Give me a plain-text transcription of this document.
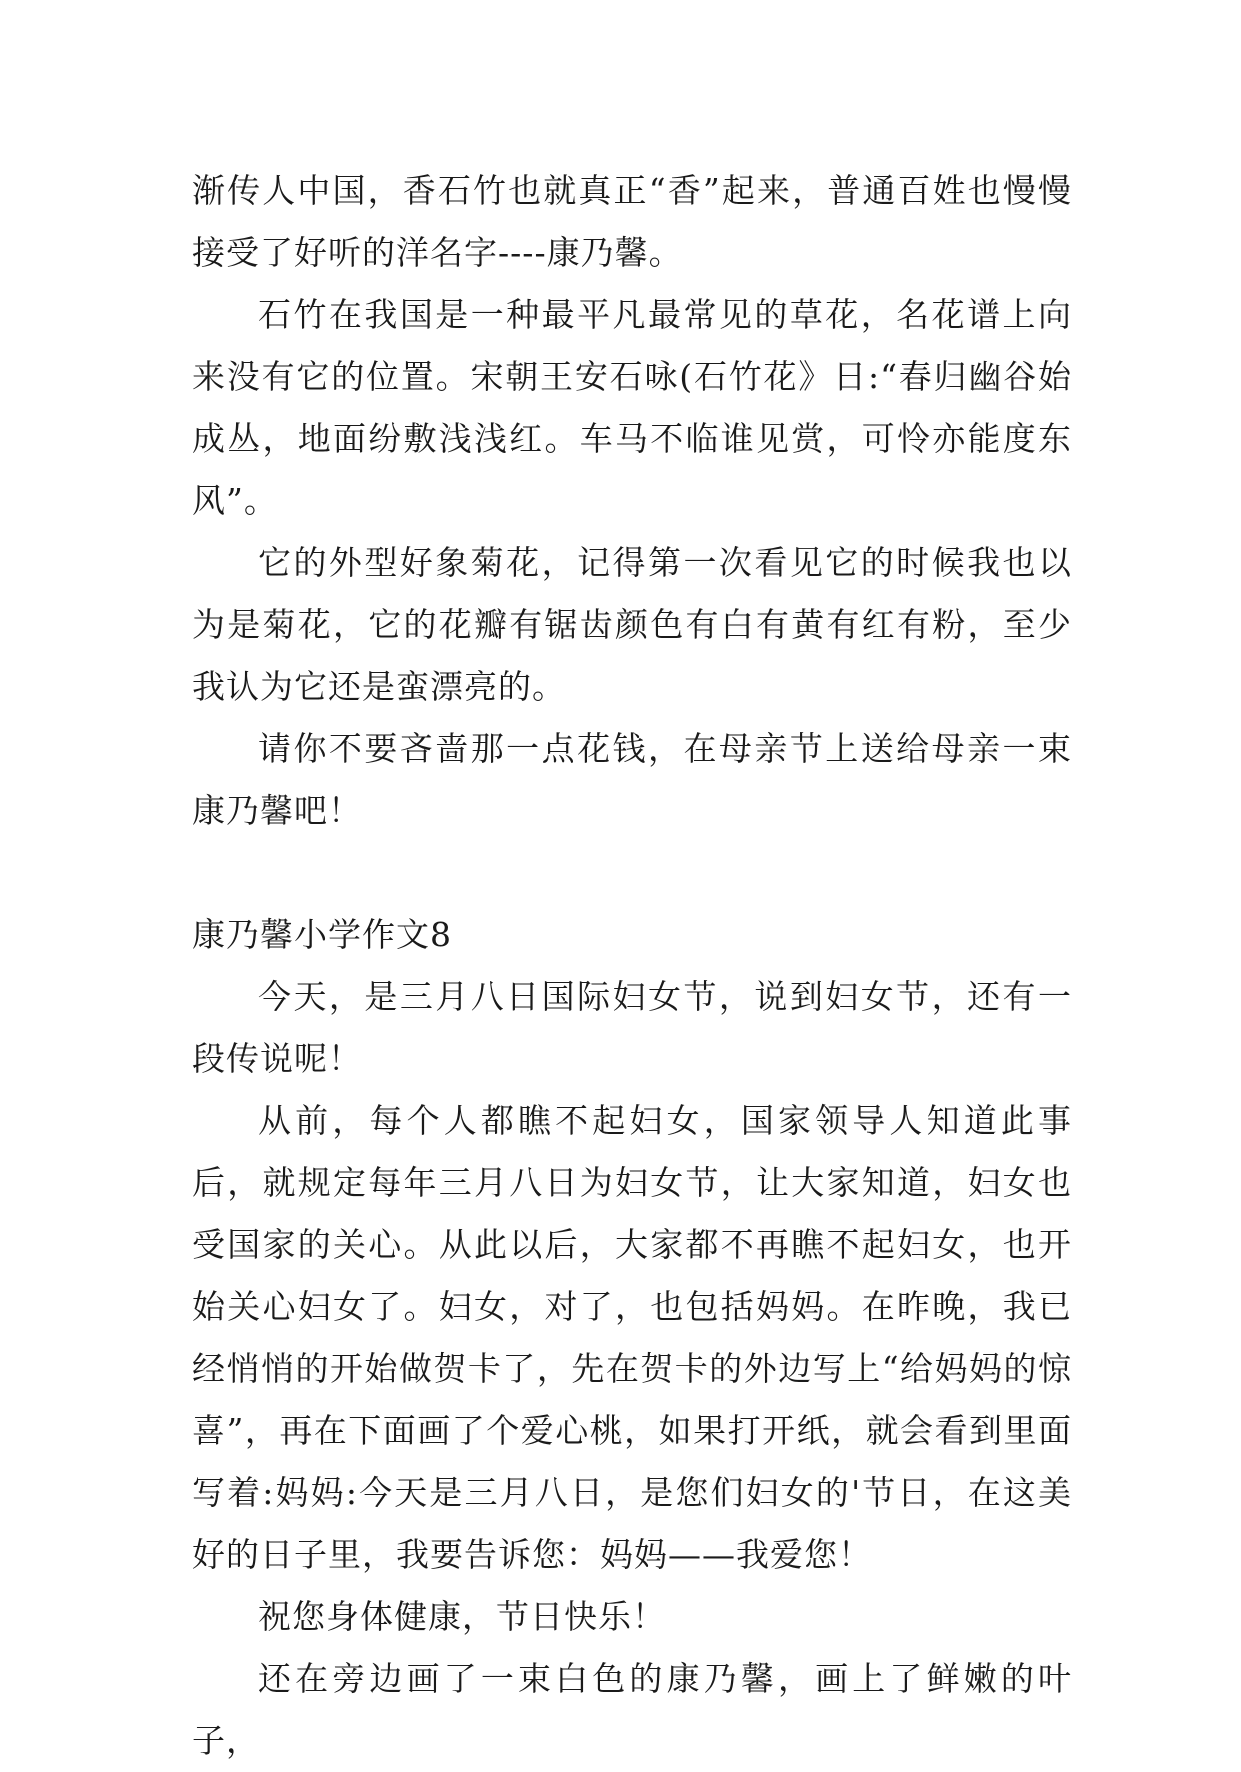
渐传人中国，香石竹也就真正“香”起来，普通百姓也慢慢接受了好听的洋名字----康乃馨。

石竹在我国是一种最平凡最常见的草花，名花谱上向来没有它的位置。宋朝王安石咏(石竹花》日:“春归幽谷始成丛，地面纷敷浅浅红。车马不临谁见赏，可怜亦能度东风”。

它的外型好象菊花，记得第一次看见它的时候我也以为是菊花，它的花瓣有锯齿颜色有白有黄有红有粉，至少我认为它还是蛮漂亮的。

请你不要吝啬那一点花钱，在母亲节上送给母亲一束康乃馨吧！

康乃馨小学作文8

今天，是三月八日国际妇女节，说到妇女节，还有一段传说呢！

从前，每个人都瞧不起妇女，国家领导人知道此事后，就规定每年三月八日为妇女节，让大家知道，妇女也受国家的关心。从此以后，大家都不再瞧不起妇女，也开始关心妇女了。妇女，对了，也包括妈妈。在昨晚，我已经悄悄的开始做贺卡了，先在贺卡的外边写上“给妈妈的惊喜”，再在下面画了个爱心桃，如果打开纸，就会看到里面写着:妈妈:今天是三月八日，是您们妇女的'节日，在这美好的日子里，我要告诉您：妈妈——我爱您！

祝您身体健康，节日快乐！

还在旁边画了一束白色的康乃馨，画上了鲜嫩的叶子，
